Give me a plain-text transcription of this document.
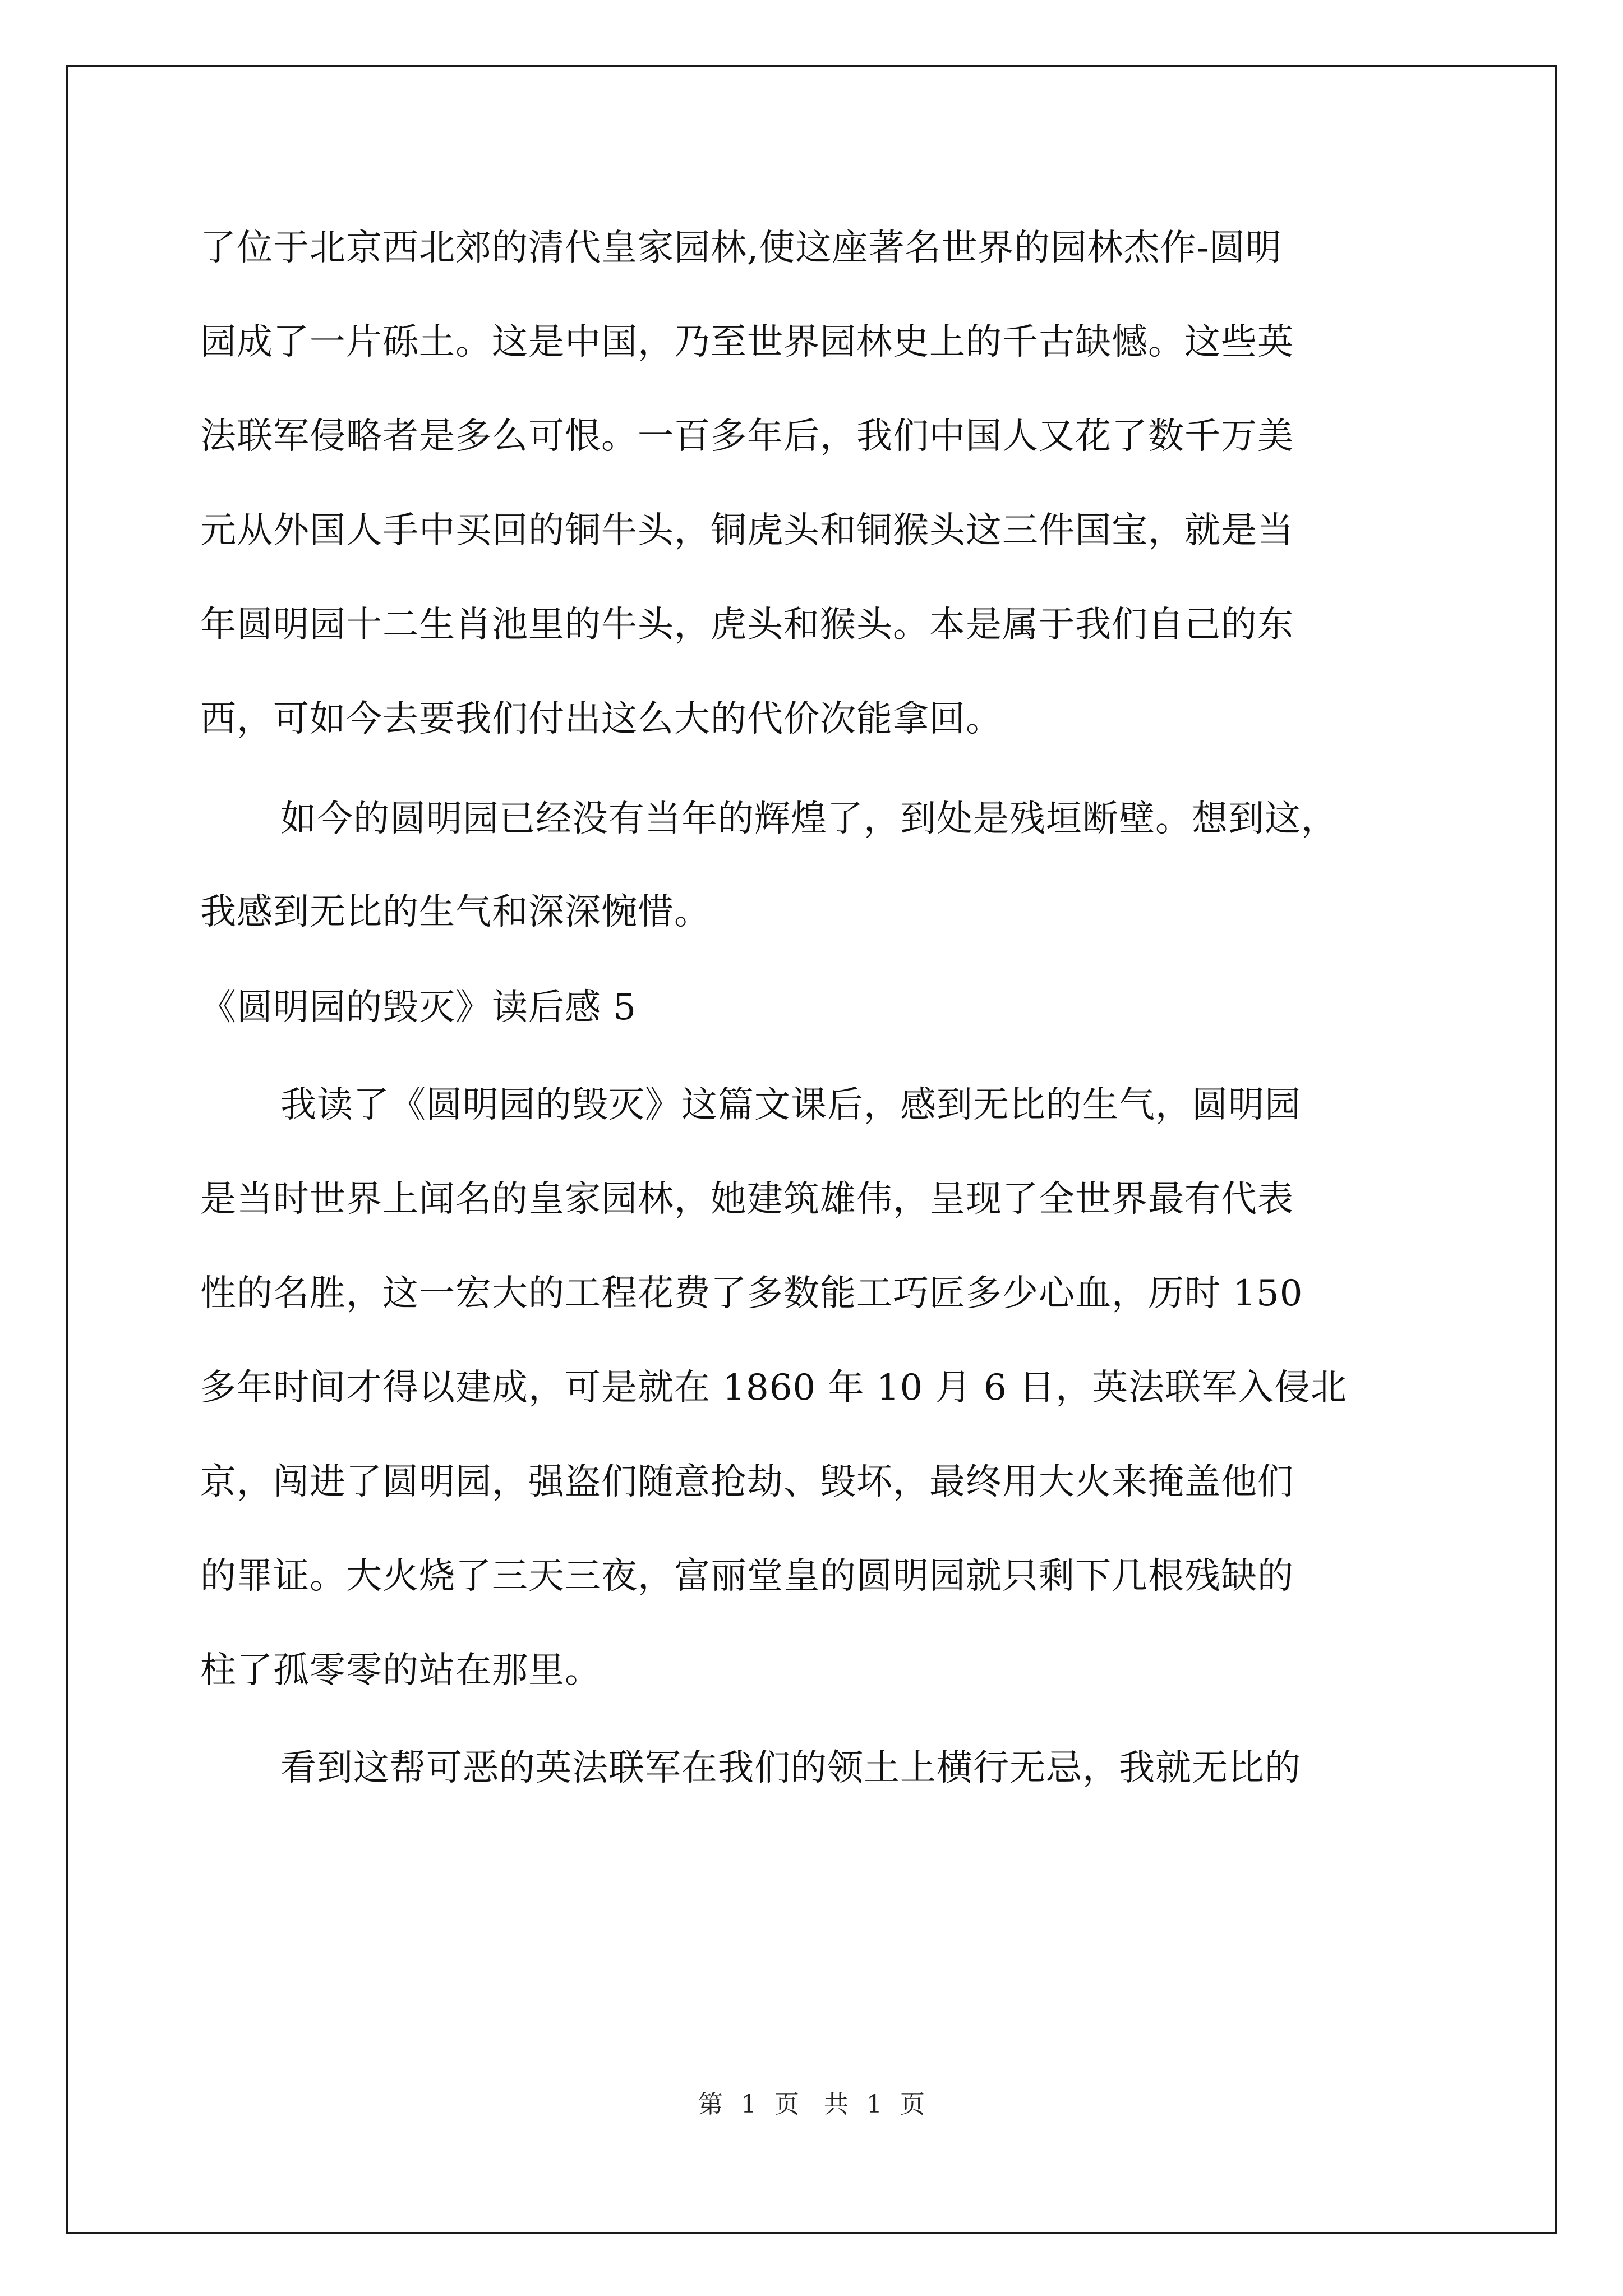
了位于北京西北郊的清代皇家园林,使这座著名世界的园林杰作-圆明
园成了一片砾土。这是中国，乃至世界园林史上的千古缺憾。这些英
法联军侵略者是多么可恨。一百多年后，我们中国人又花了数千万美
元从外国人手中买回的铜牛头，铜虎头和铜猴头这三件国宝，就是当
年圆明园十二生肖池里的牛头，虎头和猴头。本是属于我们自己的东
西，可如今去要我们付出这么大的代价次能拿回。
如今的圆明园已经没有当年的辉煌了，到处是残垣断壁。想到这，
我感到无比的生气和深深惋惜。
《圆明园的毁灭》读后感 5
我读了《圆明园的毁灭》这篇文课后，感到无比的生气，圆明园
是当时世界上闻名的皇家园林，她建筑雄伟，呈现了全世界最有代表
性的名胜，这一宏大的工程花费了多数能工巧匠多少心血，历时 150
多年时间才得以建成，可是就在 1860 年 10 月 6 日，英法联军入侵北
京，闯进了圆明园，强盗们随意抢劫、毁坏，最终用大火来掩盖他们
的罪证。大火烧了三天三夜，富丽堂皇的圆明园就只剩下几根残缺的
柱了孤零零的站在那里。
看到这帮可恶的英法联军在我们的领土上横行无忌，我就无比的
第 1 页　共 1 页
